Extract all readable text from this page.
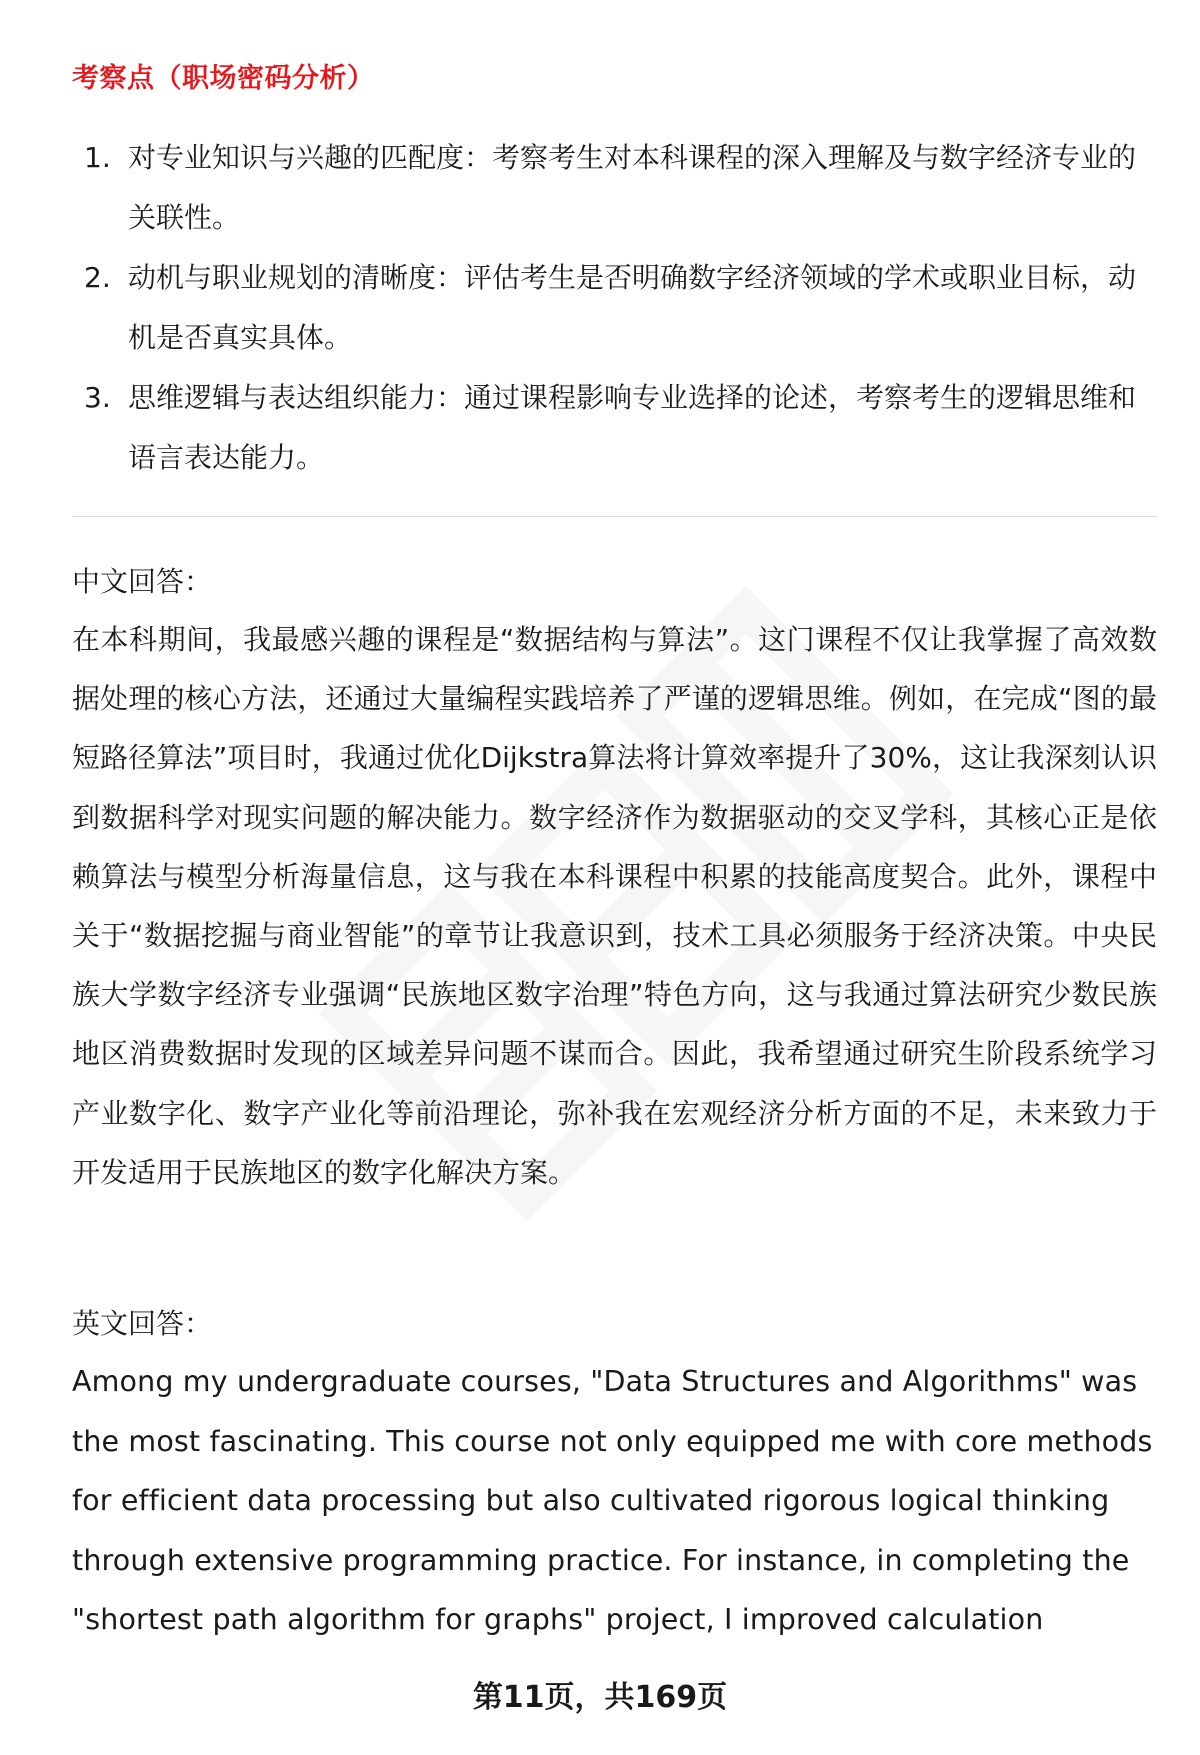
考察点（职场密码分析）
1. 对专业知识与兴趣的匹配度：考察考生对本科课程的深入理解及与数字经济专业的关联性。
2. 动机与职业规划的清晰度：评估考生是否明确数字经济领域的学术或职业目标，动机是否真实具体。
3. 思维逻辑与表达组织能力：通过课程影响专业选择的论述，考察考生的逻辑思维和语言表达能力。
中文回答：

在本科期间，我最感兴趣的课程是“数据结构与算法”。这门课程不仅让我掌握了高效数据处理的核心方法，还通过大量编程实践培养了严谨的逻辑思维。例如，在完成“图的最短路径算法”项目时，我通过优化Dijkstra算法将计算效率提升了30%，这让我深刻认识到数据科学对现实问题的解决能力。数字经济作为数据驱动的交叉学科，其核心正是依赖算法与模型分析海量信息，这与我在本科课程中积累的技能高度契合。此外，课程中关于“数据挖掘与商业智能”的章节让我意识到，技术工具必须服务于经济决策。中央民族大学数字经济专业强调“民族地区数字治理”特色方向，这与我通过算法研究少数民族地区消费数据时发现的区域差异问题不谋而合。因此，我希望通过研究生阶段系统学习产业数字化、数字产业化等前沿理论，弥补我在宏观经济分析方面的不足，未来致力于开发适用于民族地区的数字化解决方案。

英文回答：

Among my undergraduate courses, "Data Structures and Algorithms" was the most fascinating. This course not only equipped me with core methods for efficient data processing but also cultivated rigorous logical thinking through extensive programming practice. For instance, in completing the "shortest path algorithm for graphs" project, I improved calculation

第11页，共169页
